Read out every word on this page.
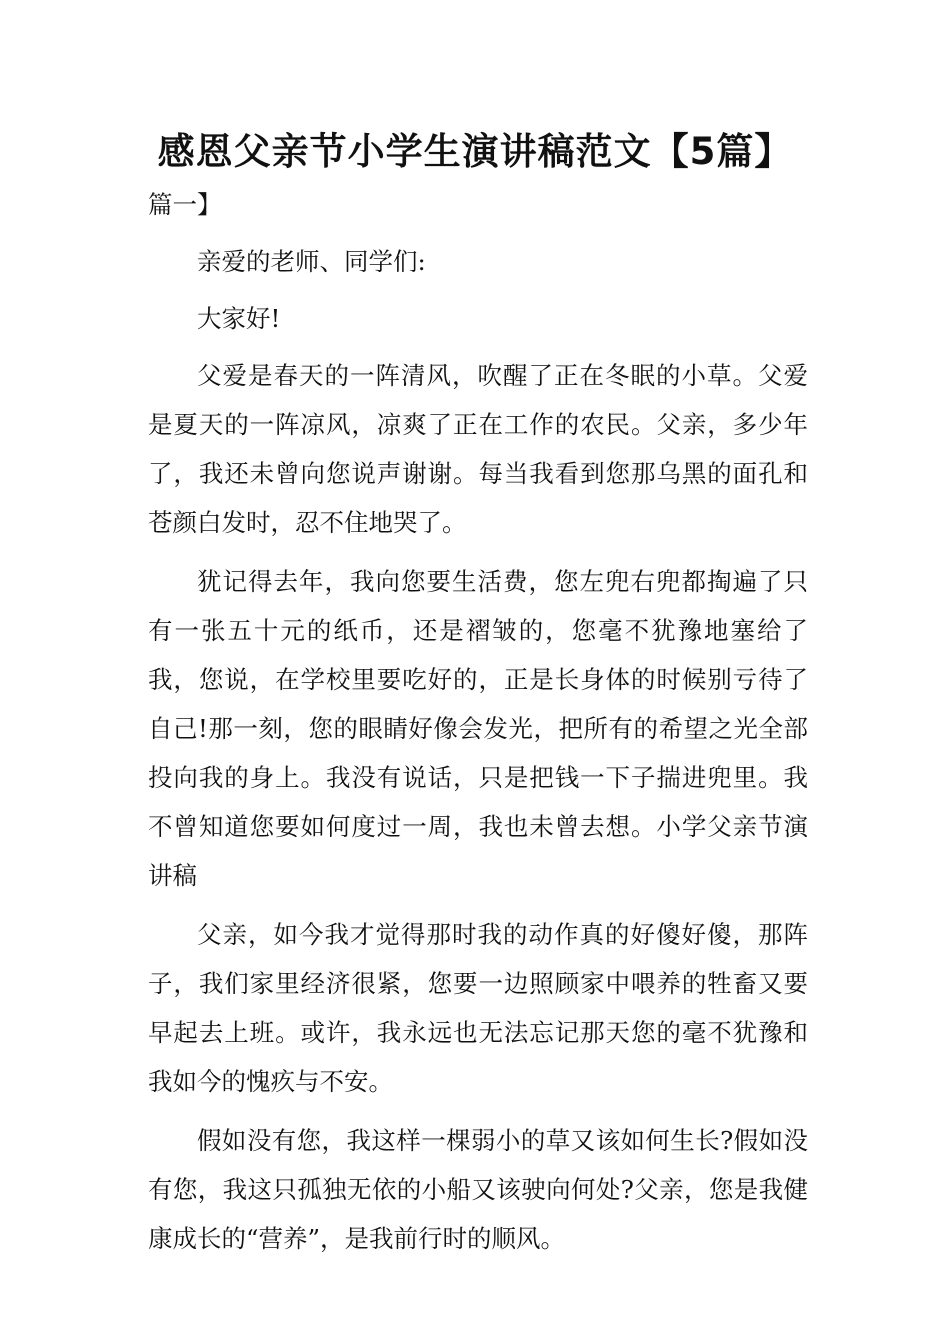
感恩父亲节小学生演讲稿范文【5篇】

篇一】

亲爱的老师、同学们:

大家好!

父爱是春天的一阵清风，吹醒了正在冬眠的小草。父爱是夏天的一阵凉风，凉爽了正在工作的农民。父亲，多少年了，我还未曾向您说声谢谢。每当我看到您那乌黑的面孔和苍颜白发时，忍不住地哭了。

犹记得去年，我向您要生活费，您左兜右兜都掏遍了只有一张五十元的纸币，还是褶皱的，您毫不犹豫地塞给了我，您说，在学校里要吃好的，正是长身体的时候别亏待了自己!那一刻，您的眼睛好像会发光，把所有的希望之光全部投向我的身上。我没有说话，只是把钱一下子揣进兜里。我不曾知道您要如何度过一周，我也未曾去想。小学父亲节演讲稿

父亲，如今我才觉得那时我的动作真的好傻好傻，那阵子，我们家里经济很紧，您要一边照顾家中喂养的牲畜又要早起去上班。或许，我永远也无法忘记那天您的毫不犹豫和我如今的愧疚与不安。

假如没有您，我这样一棵弱小的草又该如何生长?假如没有您，我这只孤独无依的小船又该驶向何处?父亲，您是我健康成长的“营养”，是我前行时的顺风。
